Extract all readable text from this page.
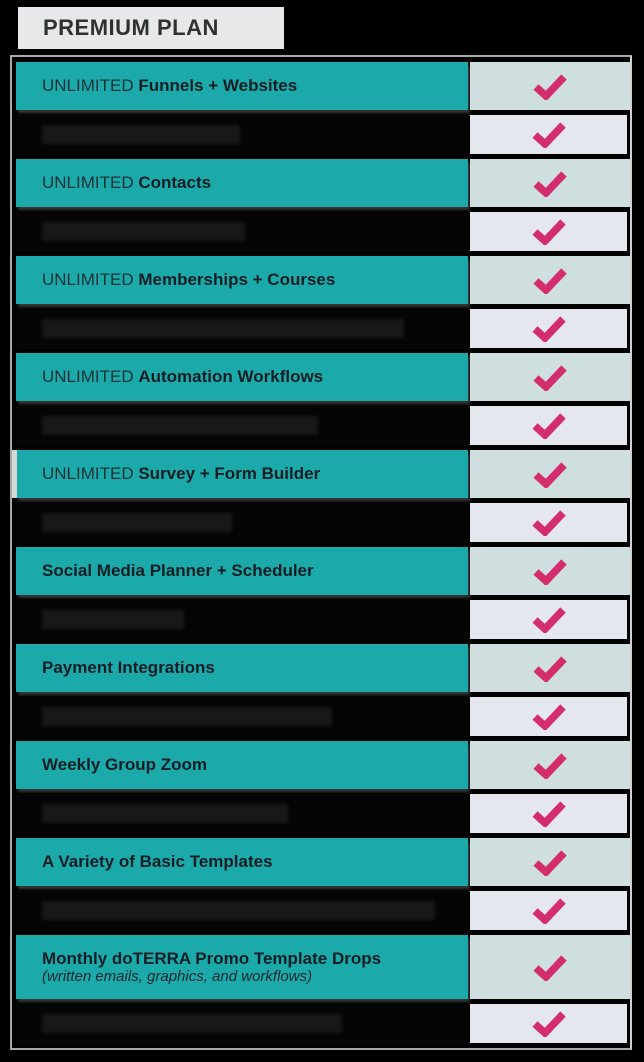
PREMIUM PLAN
UNLIMITED Funnels + Websites
UNLIMITED Contacts
UNLIMITED Memberships + Courses
UNLIMITED Automation Workflows
UNLIMITED Survey + Form Builder
Social Media Planner + Scheduler
Payment Integrations
Weekly Group Zoom
A Variety of Basic Templates
Monthly doTERRA Promo Template Drops
(written emails, graphics, and workflows)
